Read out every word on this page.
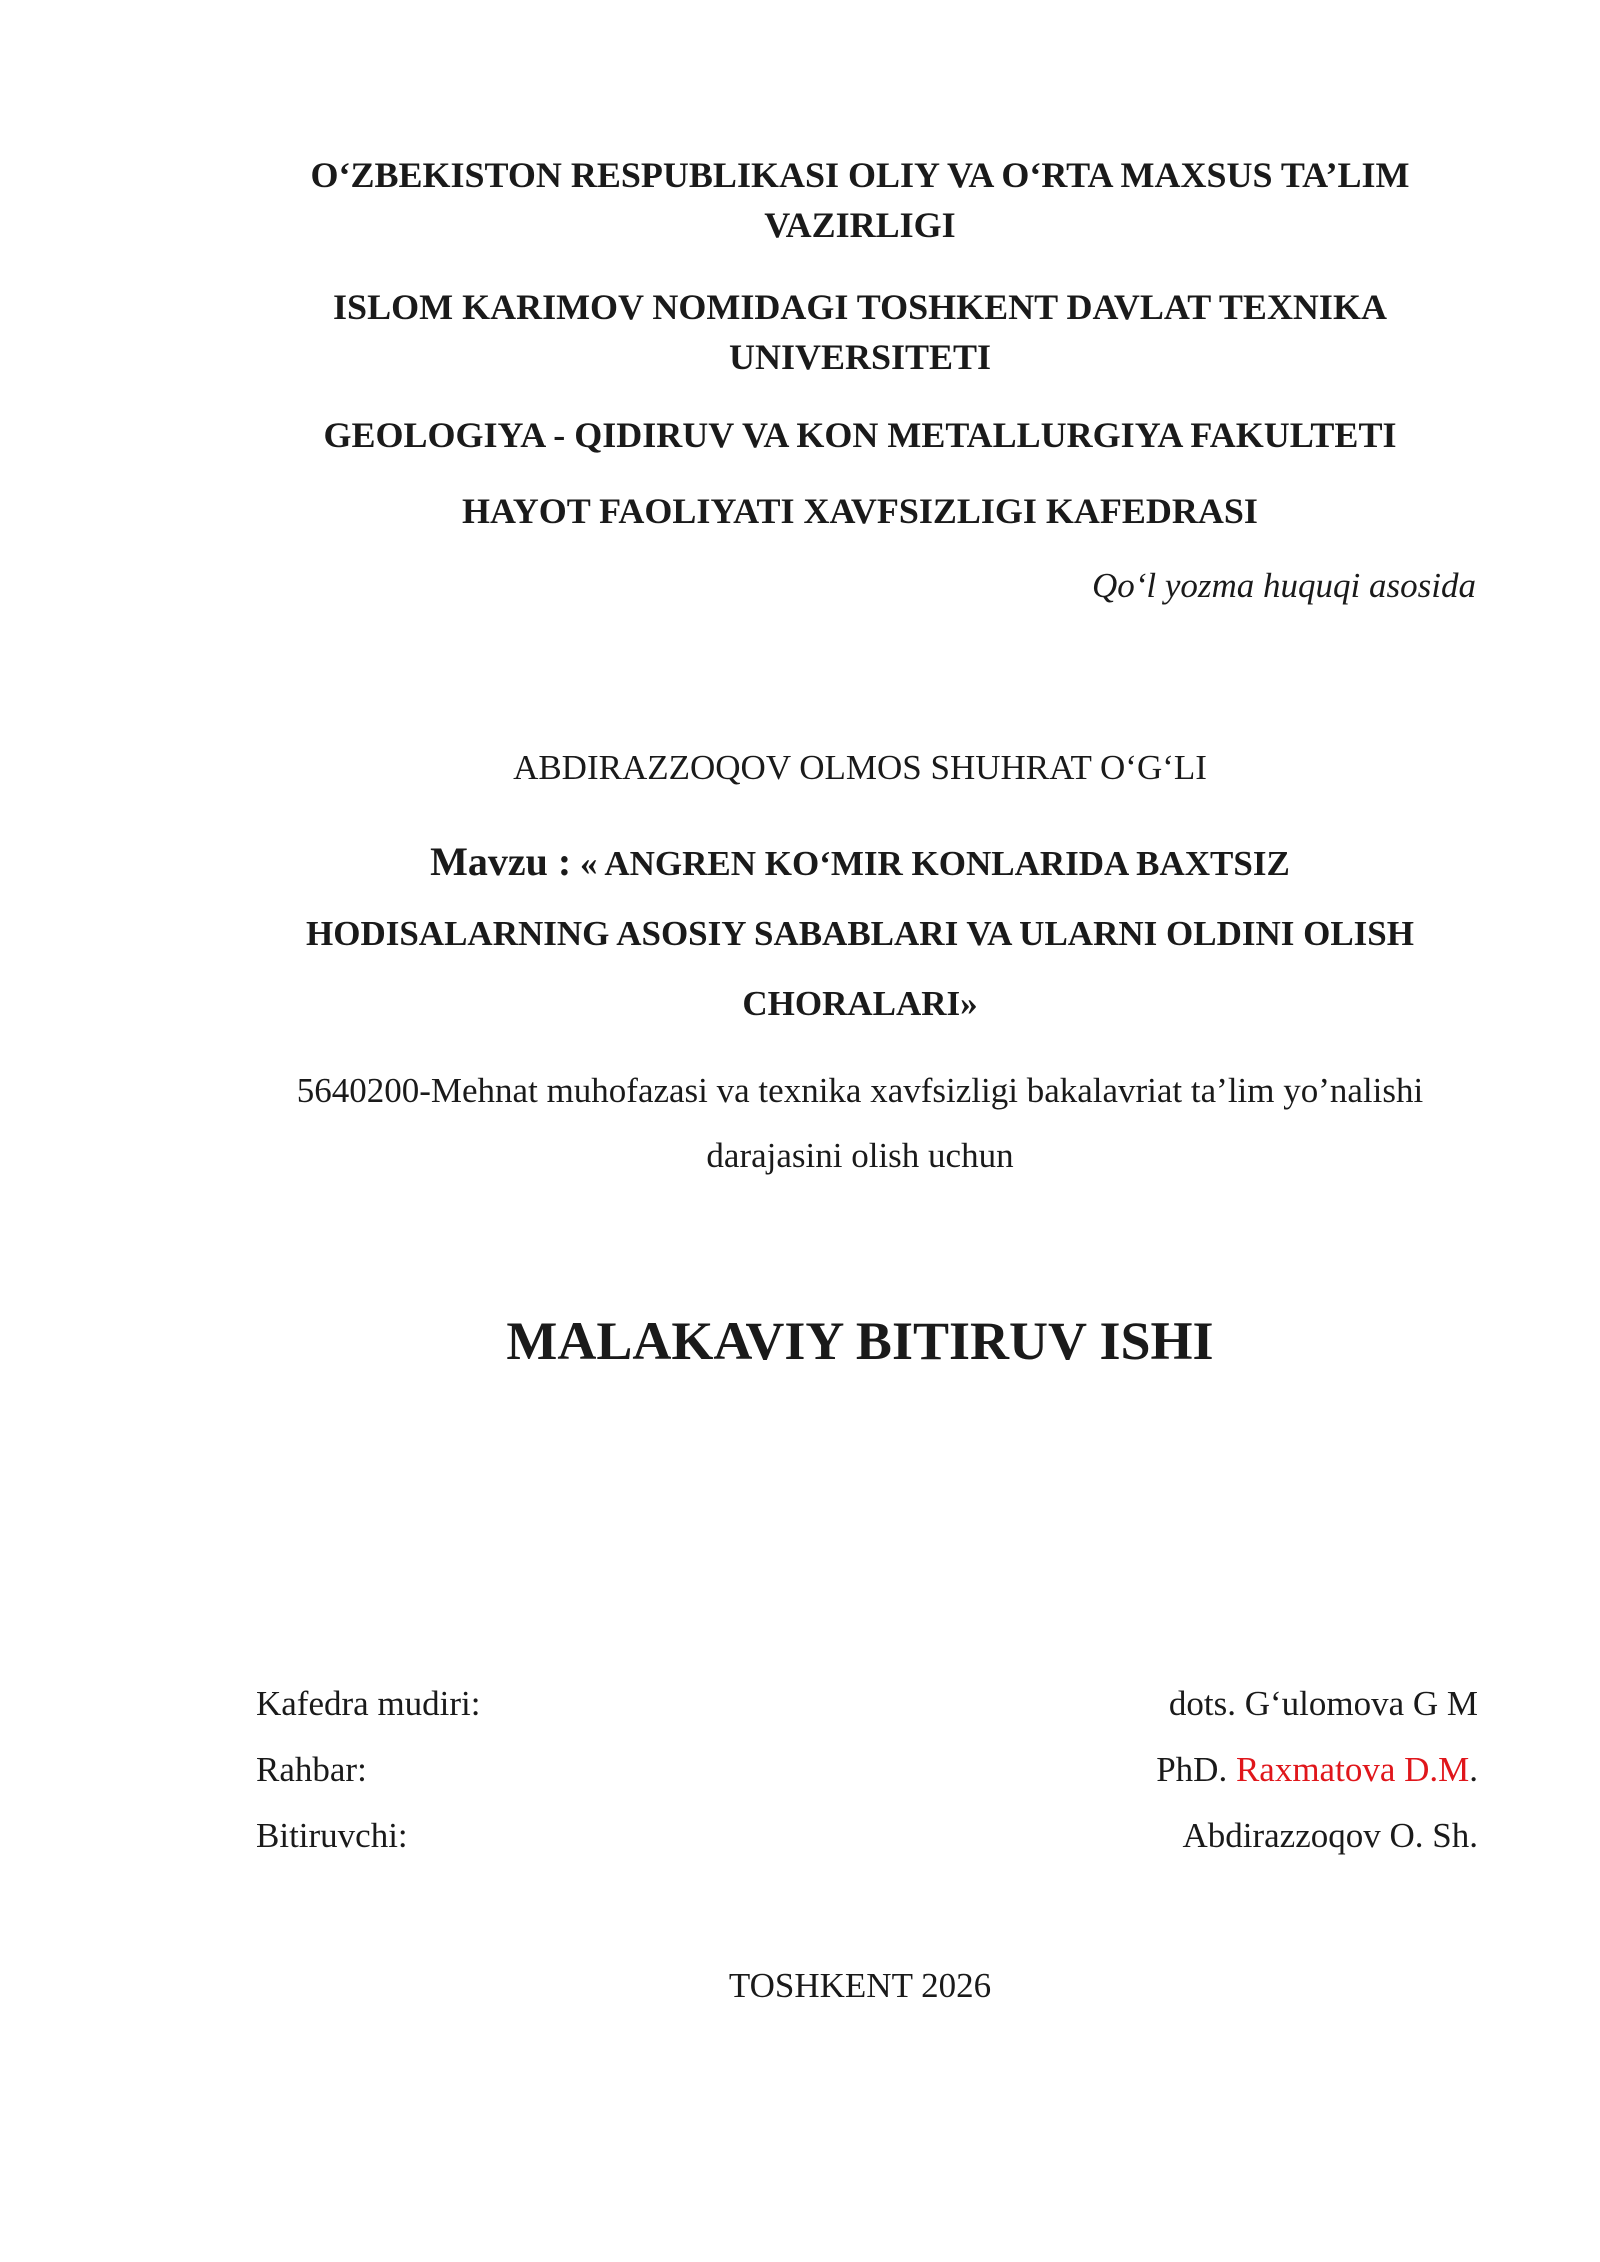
O‘ZBEKISTON RESPUBLIKASI OLIY VA O‘RTA MAXSUS TA’LIM
VAZIRLIGI
ISLOM KARIMOV NOMIDAGI TOSHKENT DAVLAT TEXNIKA
UNIVERSITETI
GEOLOGIYA - QIDIRUV VA KON METALLURGIYA FAKULTETI
HAYOT FAOLIYATI XAVFSIZLIGI KAFEDRASI
Qo‘l yozma huquqi asosida
ABDIRAZZOQOV OLMOS SHUHRAT O‘G‘LI
Mavzu : « ANGREN KO‘MIR KONLARIDA BAXTSIZ
HODISALARNING ASOSIY SABABLARI VA ULARNI OLDINI OLISH
CHORALARI»
5640200-Mehnat muhofazasi va texnika xavfsizligi bakalavriat ta’lim yo’nalishi
darajasini olish uchun
MALAKAVIY BITIRUV ISHI
Kafedra mudiri:	dots. G‘ulomova G M
Rahbar:	PhD. Raxmatova D.M.
Bitiruvchi:	Abdirazzoqov O. Sh.
TOSHKENT 2026
